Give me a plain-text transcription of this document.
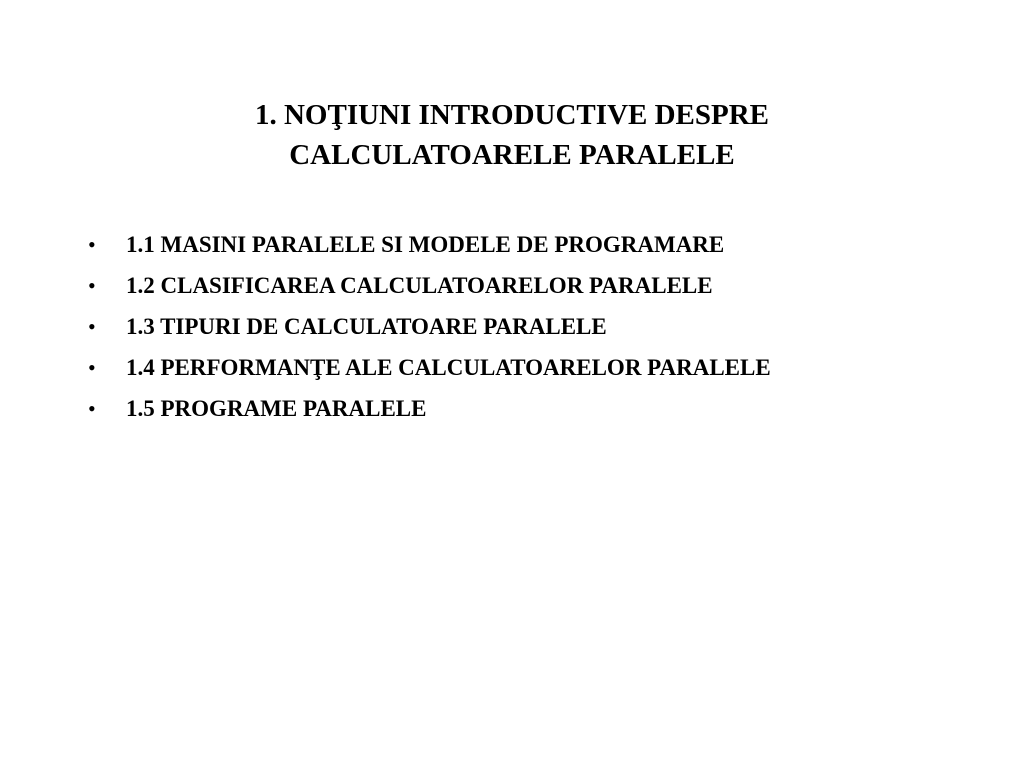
1. NOŢIUNI INTRODUCTIVE DESPRE
CALCULATOARELE PARALELE
• 1.1 MASINI PARALELE SI MODELE DE PROGRAMARE
• 1.2 CLASIFICAREA CALCULATOARELOR PARALELE
• 1.3 TIPURI DE CALCULATOARE PARALELE
• 1.4 PERFORMANŢE ALE CALCULATOARELOR PARALELE
• 1.5 PROGRAME PARALELE
